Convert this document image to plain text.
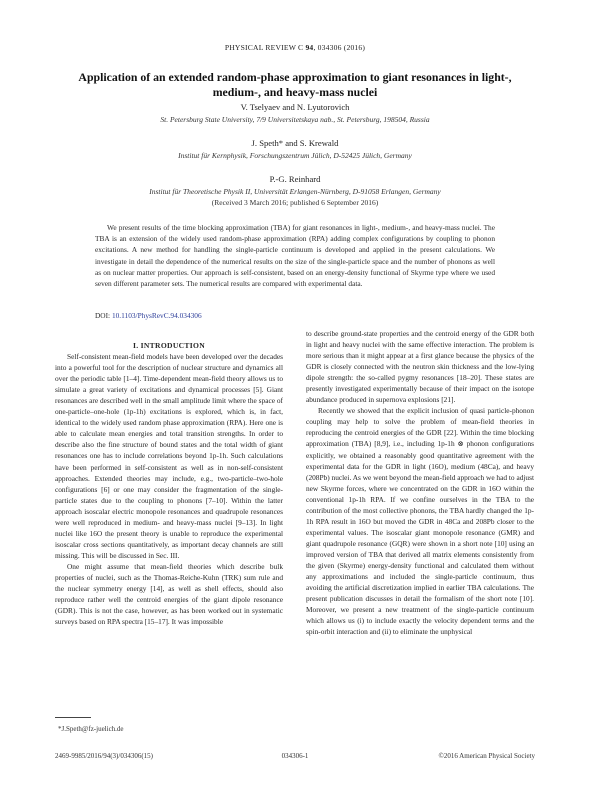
PHYSICAL REVIEW C 94, 034306 (2016)
Application of an extended random-phase approximation to giant resonances in light-, medium-, and heavy-mass nuclei
V. Tselyaev and N. Lyutorovich
St. Petersburg State University, 7/9 Universitetskaya nab., St. Petersburg, 198504, Russia
J. Speth* and S. Krewald
Institut für Kernphysik, Forschungszentrum Jülich, D-52425 Jülich, Germany
P.-G. Reinhard
Institut für Theoretische Physik II, Universität Erlangen-Nürnberg, D-91058 Erlangen, Germany
(Received 3 March 2016; published 6 September 2016)
We present results of the time blocking approximation (TBA) for giant resonances in light-, medium-, and heavy-mass nuclei. The TBA is an extension of the widely used random-phase approximation (RPA) adding complex configurations by coupling to phonon excitations. A new method for handling the single-particle continuum is developed and applied in the present calculations. We investigate in detail the dependence of the numerical results on the size of the single-particle space and the number of phonons as well as on nuclear matter properties. Our approach is self-consistent, based on an energy-density functional of Skyrme type where we used seven different parameter sets. The numerical results are compared with experimental data.
DOI: 10.1103/PhysRevC.94.034306

I. INTRODUCTION

Self-consistent mean-field models have been developed over the decades into a powerful tool for the description of nuclear structure and dynamics all over the periodic table [1–4]. Time-dependent mean-field theory allows us to simulate a great variety of excitations and dynamical processes [5]. Giant resonances are described well in the small amplitude limit where the space of one-particle–one-hole (1p-1h) excitations is explored, which is, in fact, identical to the widely used random phase approximation (RPA). Here one is able to calculate mean energies and total transition strengths. In order to describe also the fine structure of bound states and the total width of giant resonances one has to include correlations beyond 1p-1h. Such calculations have been performed in self-consistent as well as in non-self-consistent approaches. Extended theories may include, e.g., two-particle–two-hole configurations [6] or one may consider the fragmentation of the single-particle states due to the coupling to phonons [7–10]. Within the latter approach isoscalar electric monopole resonances and quadrupole resonances were well reproduced in medium- and heavy-mass nuclei [9–13]. In light nuclei like 16O the present theory is unable to reproduce the experimental isoscalar cross sections quantitatively, as important decay channels are still missing. This will be discussed in Sec. III.

One might assume that mean-field theories which describe bulk properties of nuclei, such as the Thomas-Reiche-Kuhn (TRK) sum rule and the nuclear symmetry energy [14], as well as shell effects, should also reproduce rather well the centroid energies of the giant dipole resonance (GDR). This is not the case, however, as has been worked out in systematic surveys based on RPA spectra [15–17]. It was impossible

to describe ground-state properties and the centroid energy of the GDR both in light and heavy nuclei with the same effective interaction. The problem is more serious than it might appear at a first glance because the physics of the GDR is closely connected with the neutron skin thickness and the low-lying dipole strength: the so-called pygmy resonances [18–20]. These states are presently investigated experimentally because of their impact on the isotope abundance produced in supernova explosions [21].

Recently we showed that the explicit inclusion of quasi particle-phonon coupling may help to solve the problem of mean-field theories in reproducing the centroid energies of the GDR [22]. Within the time blocking approximation (TBA) [8,9], i.e., including 1p-1h ⊗ phonon configurations explicitly, we obtained a reasonably good quantitative agreement with the experimental data for the GDR in light (16O), medium (48Ca), and heavy (208Pb) nuclei. As we went beyond the mean-field approach we had to adjust new Skyrme forces, where we concentrated on the GDR in 16O within the conventional 1p-1h RPA. If we confine ourselves in the TBA to the contribution of the most collective phonons, the TBA hardly changed the 1p-1h RPA result in 16O but moved the GDR in 48Ca and 208Pb closer to the experimental values. The isoscalar giant monopole resonance (GMR) and giant quadrupole resonance (GQR) were shown in a short note [10] using an improved version of TBA that derived all matrix elements consistently from the given (Skyrme) energy-density functional and calculated them without any approximations and included the single-particle continuum, thus avoiding the artificial discretization implied in earlier TBA calculations. The present publication discusses in detail the formalism of the short note [10]. Moreover, we present a new treatment of the single-particle continuum which allows us (i) to include exactly the velocity dependent terms and the spin-orbit interaction and (ii) to eliminate the unphysical

*J.Speth@fz-juelich.de
2469-9985/2016/94(3)/034306(15)	034306-1	©2016 American Physical Society
